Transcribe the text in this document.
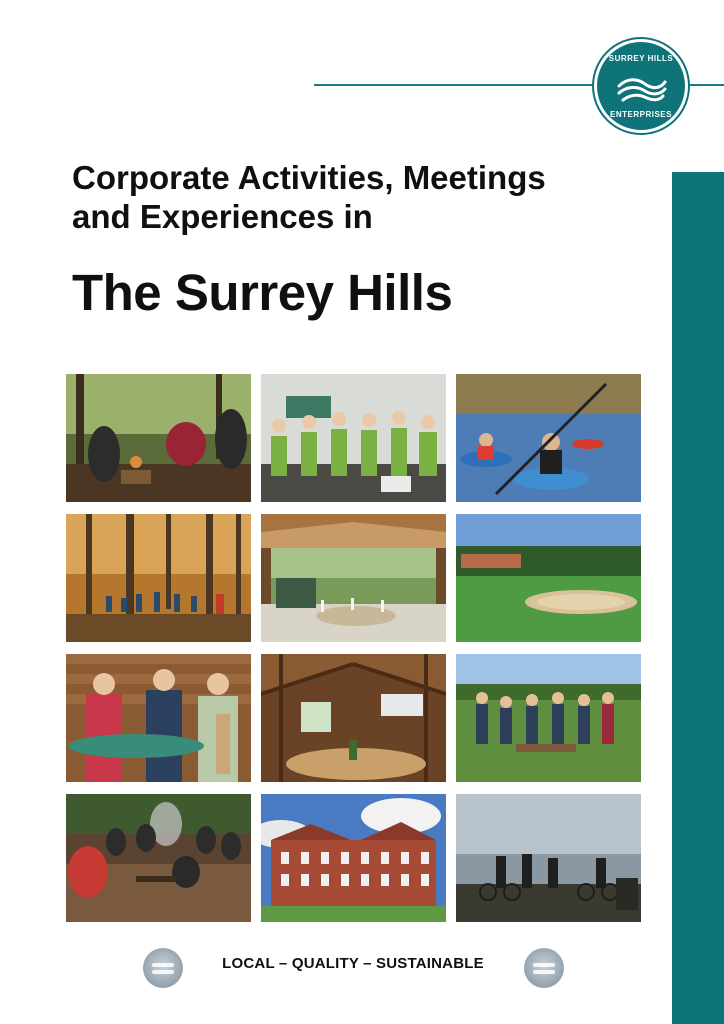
SURREY HILLS
ENTERPRISES
Corporate Activities, Meetings
and Experiences in
The Surrey Hills
LOCAL – QUALITY – SUSTAINABLE
